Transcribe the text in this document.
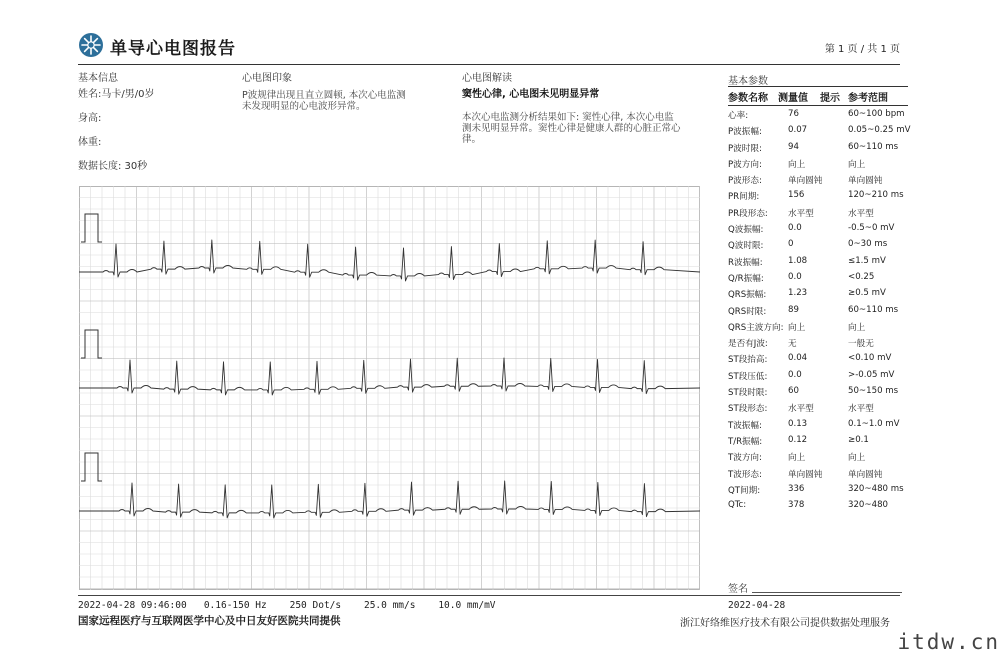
单导心电图报告	第 1 页 / 共 1 页
基本信息
姓名:马卡/男/0岁
身高:
体重:
数据长度: 30秒
心电图印象
P波规律出现且直立圆顿, 本次心电监测
未发现明显的心电波形异常。
心电图解读
窦性心律, 心电图未见明显异常
本次心电监测分析结果如下: 窦性心律, 本次心电监
测未见明显异常。窦性心律是健康人群的心脏正常心
律。
基本参数
参数名称 测量值 提示 参考范围
心率:	76	60~100 bpm
P波振幅:	0.07	0.05~0.25 mV
P波时限:	94	60~110 ms
P波方向:	向上	向上
P波形态:	单向圆钝	单向圆钝
PR间期:	156	120~210 ms
PR段形态: 水平型	水平型
Q波振幅:	0.0	-0.5~0 mV
Q波时限:	0	0~30 ms
R波振幅:	1.08	≤1.5 mV
Q/R振幅:	0.0	<0.25
QRS振幅:	1.23	≥0.5 mV
QRS时限:	89	60~110 ms
QRS主波方向: 向上	向上
是否有J波: 无	一般无
ST段抬高: 0.04	<0.10 mV
ST段压低: 0.0	>-0.05 mV
ST段时限: 60	50~150 ms
ST段形态: 水平型	水平型
T波振幅:	0.13	0.1~1.0 mV
T/R振幅:	0.12	≥0.1
T波方向:	向上	向上
T波形态:	单向圆钝	单向圆钝
QT间期:	336	320~480 ms
QTc:	378	320~480
签名
2022-04-28 09:46:00   0.16-150 Hz    250 Dot/s    25.0 mm/s    10.0 mm/mV
国家远程医疗与互联网医学中心及中日友好医院共同提供
2022-04-28
浙江好络维医疗技术有限公司提供数据处理服务
itdw.cn
